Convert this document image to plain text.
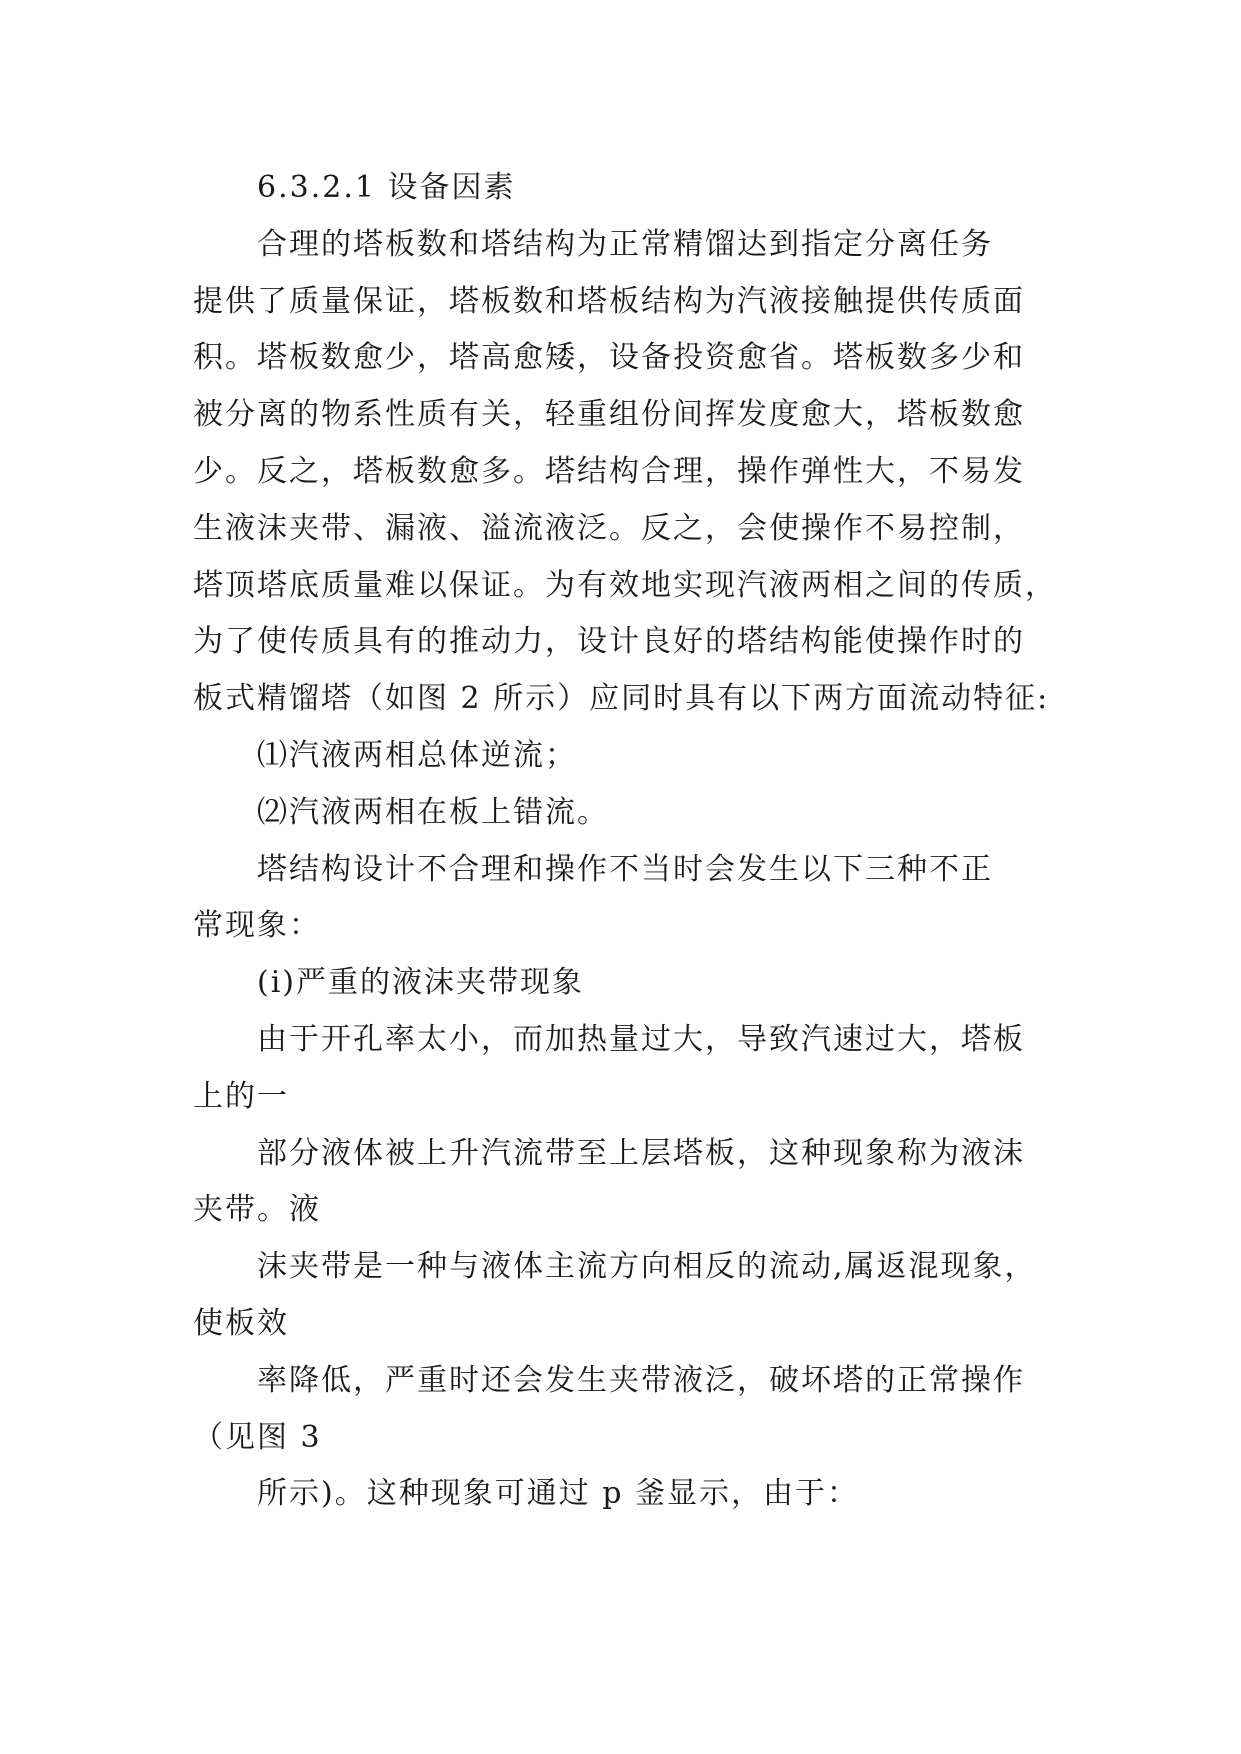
6.3.2.1 设备因素
合理的塔板数和塔结构为正常精馏达到指定分离任务
提供了质量保证，塔板数和塔板结构为汽液接触提供传质面
积。塔板数愈少，塔高愈矮，设备投资愈省。塔板数多少和
被分离的物系性质有关，轻重组份间挥发度愈大，塔板数愈
少。反之，塔板数愈多。塔结构合理，操作弹性大，不易发
生液沫夹带、漏液、溢流液泛。反之，会使操作不易控制，
塔顶塔底质量难以保证。为有效地实现汽液两相之间的传质，
为了使传质具有的推动力，设计良好的塔结构能使操作时的
板式精馏塔（如图 2 所示）应同时具有以下两方面流动特征:
⑴汽液两相总体逆流；
⑵汽液两相在板上错流。
塔结构设计不合理和操作不当时会发生以下三种不正
常现象：
(i)严重的液沫夹带现象
由于开孔率太小，而加热量过大，导致汽速过大，塔板
上的一
部分液体被上升汽流带至上层塔板，这种现象称为液沫
夹带。液
沫夹带是一种与液体主流方向相反的流动,属返混现象，
使板效
率降低，严重时还会发生夹带液泛，破坏塔的正常操作
（见图 3
所示)。这种现象可通过 p 釜显示，由于：
